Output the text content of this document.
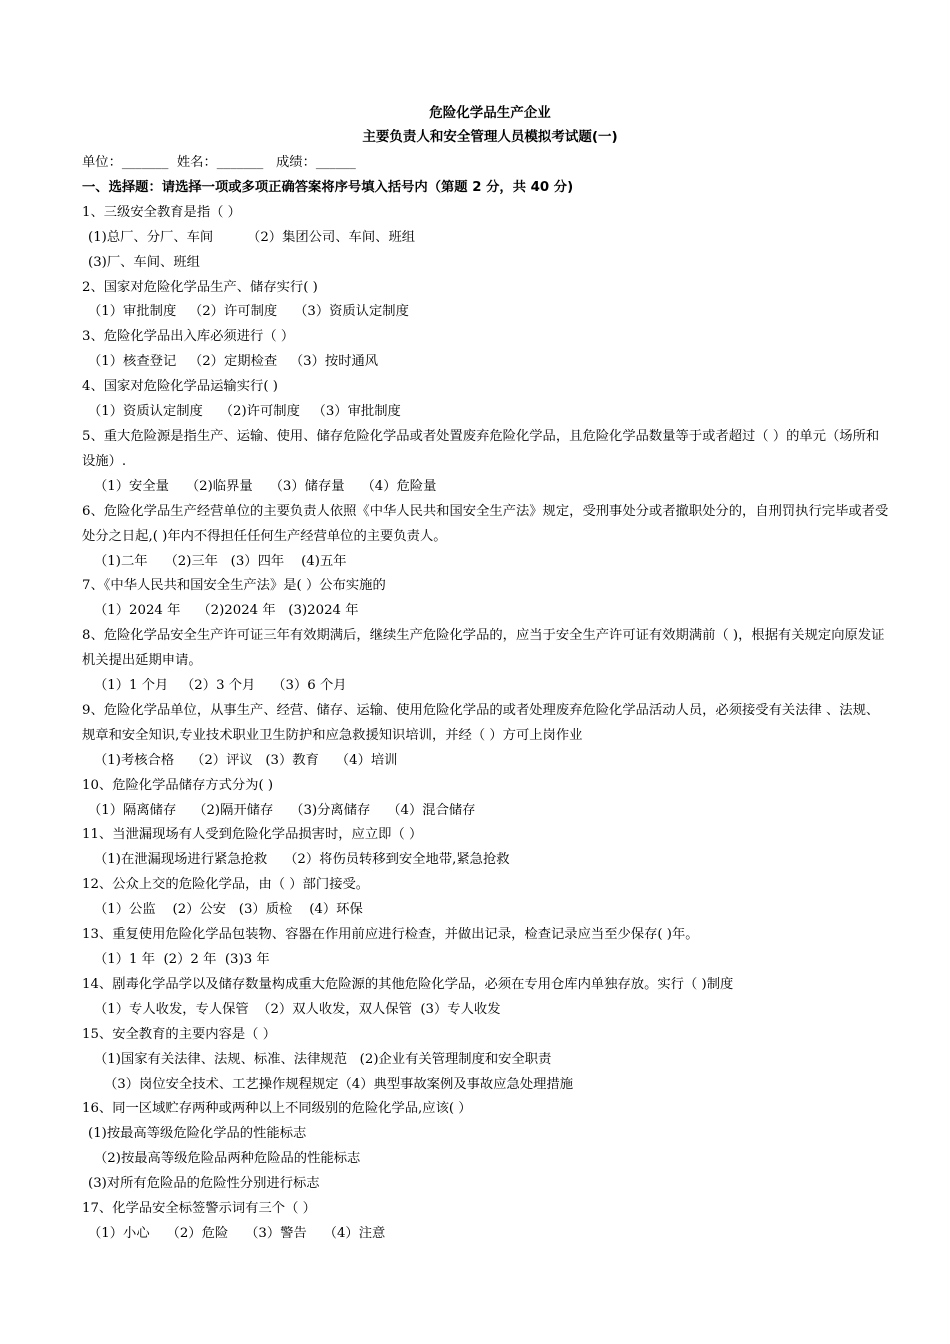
危险化学品生产企业
主要负责人和安全管理人员模拟考试题(一)
单位：_______  姓名：_______   成绩：______
一、选择题：请选择一项或多项正确答案将序号填入括号内（第题 2 分，共 40 分)
1、三级安全教育是指（ ）
(1)总厂、分厂、车间        （2）集团公司、车间、班组
(3)厂、车间、班组
2、国家对危险化学品生产、储存实行( )
（1）审批制度   （2）许可制度    （3）资质认定制度
3、危险化学品出入库必须进行（ ）
（1）核查登记   （2）定期检查   （3）按时通风
4、国家对危险化学品运输实行( )
（1）资质认定制度    （2)许可制度   （3）审批制度
5、重大危险源是指生产、运输、使用、储存危险化学品或者处置废弃危险化学品，且危险化学品数量等于或者超过（ ）的单元（场所和设施）.
（1）安全量    （2)临界量    （3）储存量    （4）危险量
6、危险化学品生产经营单位的主要负责人依照《中华人民共和国安全生产法》规定，受刑事处分或者撤职处分的，自刑罚执行完毕或者受处分之日起,( )年内不得担任任何生产经营单位的主要负责人。
（1)二年    （2)三年   (3）四年    (4)五年
7、《中华人民共和国安全生产法》是( ）公布实施的
（1）2024 年    （2)2024 年   (3)2024 年
8、危险化学品安全生产许可证三年有效期满后，继续生产危险化学品的，应当于安全生产许可证有效期满前（ )，根据有关规定向原发证机关提出延期申请。
（1）1 个月   （2）3 个月    （3）6 个月
9、危险化学品单位，从事生产、经营、储存、运输、使用危险化学品的或者处理废弃危险化学品活动人员，必须接受有关法律 、法规、规章和安全知识,专业技术职业卫生防护和应急救援知识培训，并经（ ）方可上岗作业
（1)考核合格    （2）评议   (3）教育    （4）培训
10、危险化学品储存方式分为( )
（1）隔离储存    （2)隔开储存    （3)分离储存    （4）混合储存
11、当泄漏现场有人受到危险化学品损害时，应立即（ ）
（1)在泄漏现场进行紧急抢救    （2）将伤员转移到安全地带,紧急抢救
12、公众上交的危险化学品，由（ ）部门接受。
（1）公监    (2）公安   (3）质检    (4）环保
13、重复使用危险化学品包装物、容器在作用前应进行检查，并做出记录，检查记录应当至少保存( )年。
（1）1 年  (2）2 年  (3)3 年
14、剧毒化学品学以及储存数量构成重大危险源的其他危险化学品，必须在专用仓库内单独存放。实行（ )制度
（1）专人收发，专人保管  （2）双人收发，双人保管  (3）专人收发
15、安全教育的主要内容是（ ）
（1)国家有关法律、法规、标准、法律规范   (2)企业有关管理制度和安全职责
（3）岗位安全技术、工艺操作规程规定（4）典型事故案例及事故应急处理措施
16、同一区域贮存两种或两种以上不同级别的危险化学品,应该( ）
(1)按最高等级危险化学品的性能标志
（2)按最高等级危险品两种危险品的性能标志
(3)对所有危险品的危险性分别进行标志
17、化学品安全标签警示词有三个（ ）
（1）小心    （2）危险    （3）警告    （4）注意
